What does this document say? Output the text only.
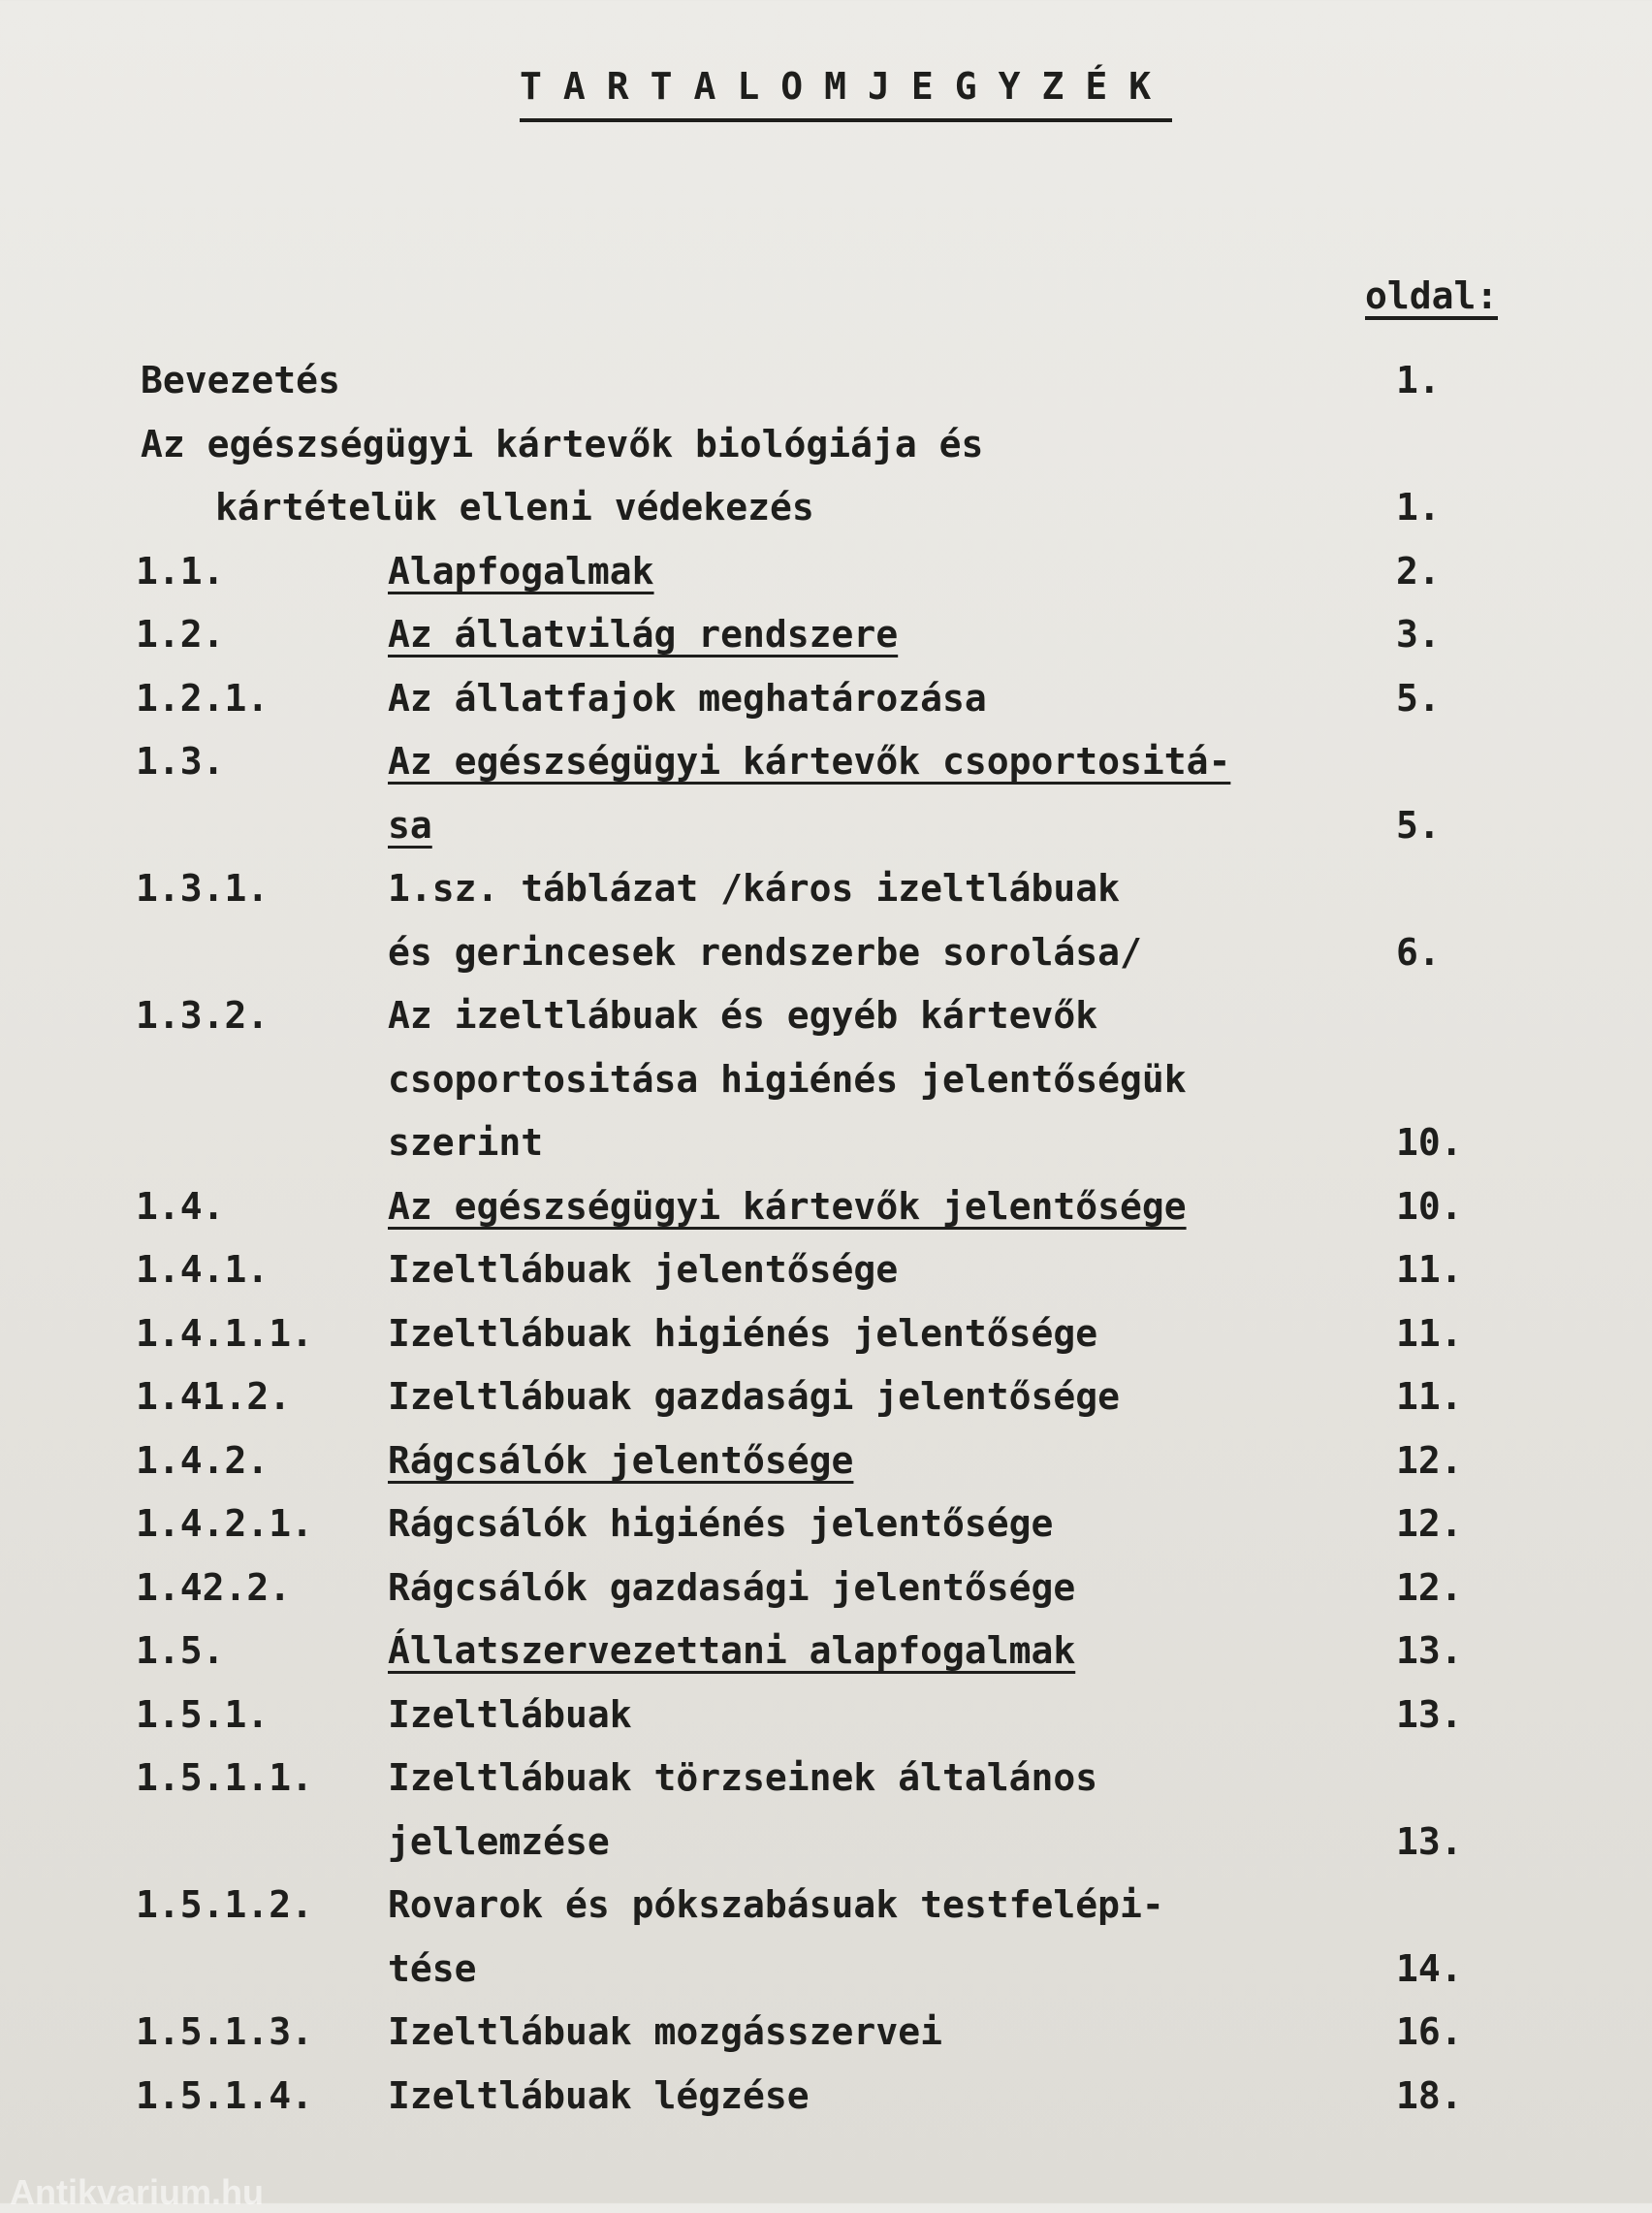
TARTALOMJEGYZÉK
oldal:
Bevezetés	1.
Az egészségügyi kártevők biológiája és
kártételük elleni védekezés	1.
1.1.	Alapfogalmak	2.
1.2.	Az állatvilág rendszere	3.
1.2.1.	Az állatfajok meghatározása	5.
1.3.	Az egészségügyi kártevők csoportositá-
sa	5.
1.3.1.	1.sz. táblázat /káros izeltlábuak
és gerincesek rendszerbe sorolása/	6.
1.3.2.	Az izeltlábuak és egyéb kártevők
csoportositása higiénés jelentőségük
szerint	10.
1.4.	Az egészségügyi kártevők jelentősége	10.
1.4.1.	Izeltlábuak jelentősége	11.
1.4.1.1. Izeltlábuak higiénés jelentősége	11.
1.41.2.	Izeltlábuak gazdasági jelentősége	11.
1.4.2.	Rágcsálók jelentősége	12.
1.4.2.1. Rágcsálók higiénés jelentősége	12.
1.42.2.	Rágcsálók gazdasági jelentősége	12.
1.5.	Állatszervezettani alapfogalmak	13.
1.5.1.	Izeltlábuak	13.
1.5.1.1. Izeltlábuak törzseinek általános
jellemzése	13.
1.5.1.2. Rovarok és pókszabásuak testfelépi-
tése	14.
1.5.1.3. Izeltlábuak mozgásszervei	16.
1.5.1.4. Izeltlábuak légzése	18.
Antikvarium.hu
